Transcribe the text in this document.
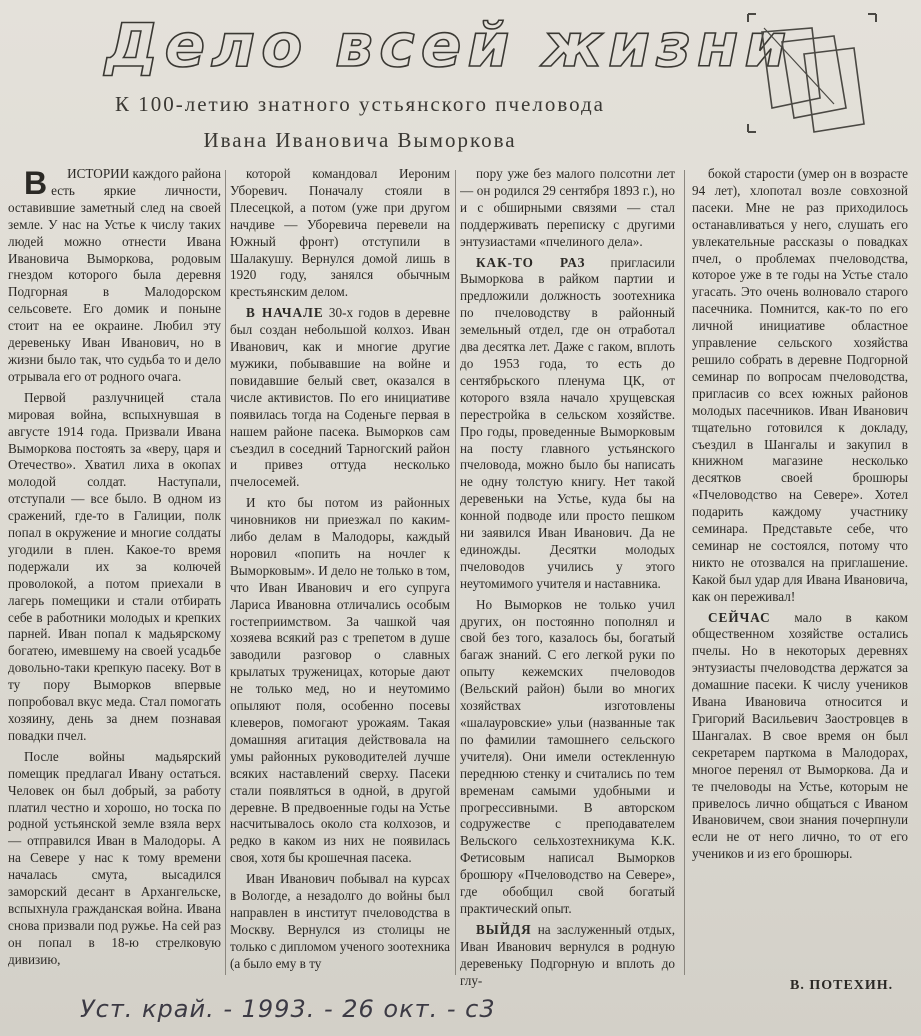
Дело всей жизни
К 100-летию знатного устьянского пчеловода
Ивана Ивановича Выморкова

В ИСТОРИИ каждого района есть яркие личности, оставившие заметный след на своей земле. У нас на Устье к числу таких людей можно отнести Ивана Ивановича Выморкова, родовым гнездом которого была деревня Подгорная в Малодорском сельсовете. Его домик и поныне стоит на ее окраине. Любил эту деревеньку Иван Иванович, но в жизни было так, что судьба то и дело отрывала его от родного очага.

Первой разлучницей стала мировая война, вспыхнувшая в августе 1914 года. Призвали Ивана Выморкова постоять за «веру, царя и Отечество». Хватил лиха в окопах молодой солдат. Наступали, отступали — все было. В одном из сражений, где-то в Галиции, полк попал в окружение и многие солдаты угодили в плен. Какое-то время подержали их за колючей проволокой, а потом приехали в лагерь помещики и стали отбирать себе в работники молодых и крепких парней. Иван попал к мадьярскому богатею, имевшему на своей усадьбе довольно-таки крепкую пасеку. Вот в ту пору Выморков впервые попробовал вкус меда. Стал помогать хозяину, день за днем познавая повадки пчел.

После войны мадьярский помещик предлагал Ивану остаться. Человек он был добрый, за работу платил честно и хорошо, но тоска по родной устьянской земле взяла верх — отправился Иван в Малодоры. А на Севере у нас к тому времени началась смута, высадился заморский десант в Архангельске, вспыхнула гражданская война. Ивана снова призвали под ружье. На сей раз он попал в 18-ю стрелковую дивизию,

которой командовал Иероним Уборевич. Поначалу стояли в Плесецкой, а потом (уже при другом начдиве — Уборевича перевели на Южный фронт) отступили в Шалакушу. Вернулся домой лишь в 1920 году, занялся обычным крестьянским делом.

В НАЧАЛЕ 30-х годов в деревне был создан небольшой колхоз. Иван Иванович, как и многие другие мужики, побывавшие на войне и повидавшие белый свет, оказался в числе активистов. По его инициативе появилась тогда на Соденьге первая в нашем районе пасека. Выморков сам съездил в соседний Тарногский район и привез оттуда несколько пчелосемей.

И кто бы потом из районных чиновников ни приезжал по каким-либо делам в Малодоры, каждый норовил «попить на ночлег к Выморковым». И дело не только в том, что Иван Иванович и его супруга Лариса Ивановна отличались особым гостеприимством. За чашкой чая хозяева всякий раз с трепетом в душе заводили разговор о славных крылатых труженицах, которые дают не только мед, но и неутомимо опыляют поля, особенно посевы клеверов, помогают урожаям. Такая домашняя агитация действовала на умы районных руководителей лучше всяких наставлений сверху. Пасеки стали появляться в одной, в другой деревне. В предвоенные годы на Устье насчитывалось около ста колхозов, и редко в каком из них не появилась своя, хотя бы крошечная пасека.

Иван Иванович побывал на курсах в Вологде, а незадолго до войны был направлен в институт пчеловодства в Москву. Вернулся из столицы не только с дипломом ученого зоотехника (а было ему в ту

пору уже без малого полсотни лет — он родился 29 сентября 1893 г.), но и с обширными связями — стал поддерживать переписку с другими энтузиастами «пчелиного дела».

КАК-ТО РАЗ пригласили Выморкова в райком партии и предложили должность зоотехника по пчеловодству в районный земельный отдел, где он отработал два десятка лет. Даже с гаком, вплоть до 1953 года, то есть до сентябрьского пленума ЦК, от которого взяла начало хрущевская перестройка в сельском хозяйстве. Про годы, проведенные Выморковым на посту главного устьянского пчеловода, можно было бы написать не одну толстую книгу. Нет такой деревеньки на Устье, куда бы на конной подводе или просто пешком ни заявился Иван Иванович. Да не единожды. Десятки молодых пчеловодов учились у этого неутомимого учителя и наставника.

Но Выморков не только учил других, он постоянно пополнял и свой без того, казалось бы, богатый багаж знаний. С его легкой руки по опыту кежемских пчеловодов (Вельский район) были во многих хозяйствах изготовлены «шалауровские» ульи (названные так по фамилии тамошнего сельского учителя). Они имели остекленную переднюю стенку и считались по тем временам самыми удобными и прогрессивными. В авторском содружестве с преподавателем Вельского сельхозтехникума К.К. Фетисовым написал Выморков брошюру «Пчеловодство на Севере», где обобщил свой богатый практический опыт.

ВЫЙДЯ на заслуженный отдых, Иван Иванович вернулся в родную деревеньку Подгорную и вплоть до глу-

бокой старости (умер он в возрасте 94 лет), хлопотал возле совхозной пасеки. Мне не раз приходилось останавливаться у него, слушать его увлекательные рассказы о повадках пчел, о проблемах пчеловодства, которое уже в те годы на Устье стало угасать. Это очень волновало старого пасечника. Помнится, как-то по его личной инициативе областное управление сельского хозяйства решило собрать в деревне Подгорной семинар по вопросам пчеловодства, пригласив со всех южных районов молодых пасечников. Иван Иванович тщательно готовился к докладу, съездил в Шангалы и закупил в книжном магазине несколько десятков своей брошюры «Пчеловодство на Севере». Хотел подарить каждому участнику семинара. Представьте себе, что семинар не состоялся, потому что никто не отозвался на приглашение. Какой был удар для Ивана Ивановича, как он переживал!

СЕЙЧАС мало в каком общественном хозяйстве остались пчелы. Но в некоторых деревнях энтузиасты пчеловодства держатся за домашние пасеки. К числу учеников Ивана Ивановича относится и Григорий Васильевич Заостровцев в Шангалах. В свое время он был секретарем парткома в Малодорах, многое перенял от Выморкова. Да и те пчеловоды на Устье, которым не привелось лично общаться с Иваном Ивановичем, свои знания почерпнули если не от него лично, то от его учеников и из его брошюры.

В. ПОТЕХИН.
Уст. край. - 1993. - 26 окт. - с3
